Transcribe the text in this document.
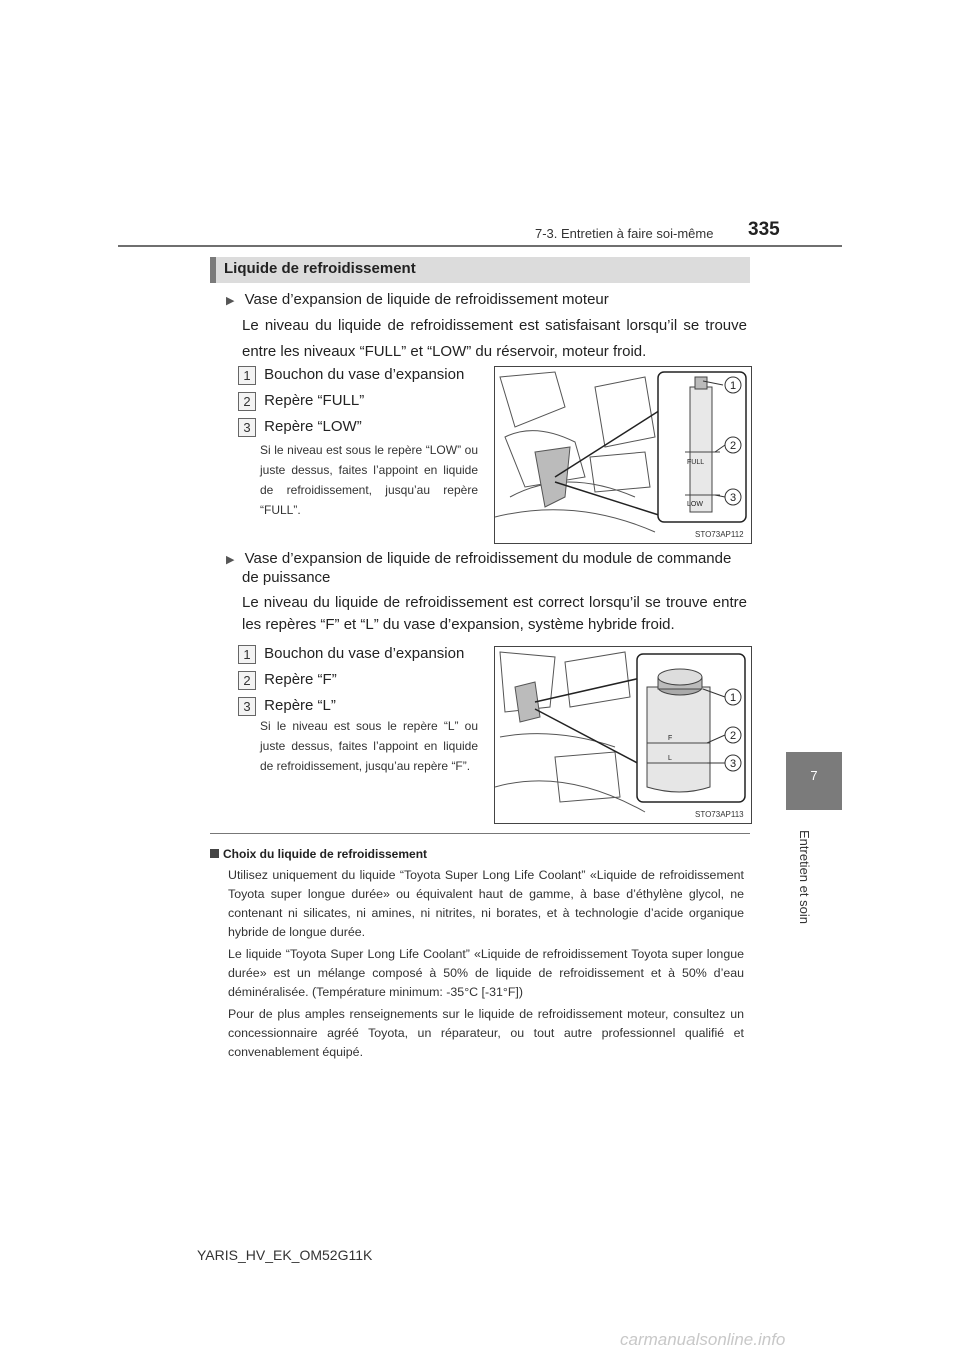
7-3. Entretien à faire soi-même 335
7
Entretien et soin
Liquide de refroidissement
▶ Vase d’expansion de liquide de refroidissement moteur
Le niveau du liquide de refroidissement est satisfaisant lorsqu’il se trouve
entre les niveaux “FULL” et “LOW” du réservoir, moteur froid.
1 Bouchon du vase d’expansion
2 Repère “FULL”
3 Repère “LOW”
Si le niveau est sous le repère “LOW” ou juste dessus, faites l’appoint en liquide de refroidissement, jusqu’au repère “FULL”.
FULL
LOW
1
2
3
STO73AP112
▶ Vase d’expansion de liquide de refroidissement du module de commande
de puissance
Le niveau du liquide de refroidissement est correct lorsqu’il se trouve entre
les repères “F” et “L” du vase d’expansion, système hybride froid.
1 Bouchon du vase d’expansion
2 Repère “F”
3 Repère “L”
Si le niveau est sous le repère “L” ou juste dessus, faites l’appoint en liquide de refroidissement, jusqu’au repère “F”.
F
L
1
2
3
STO73AP113
Choix du liquide de refroidissement
Utilisez uniquement du liquide “Toyota Super Long Life Coolant” «Liquide de refroidissement Toyota super longue durée» ou équivalent haut de gamme, à base d’éthylène glycol, ne contenant ni silicates, ni amines, ni nitrites, ni borates, et à technologie d’acide organique hybride de longue durée.
Le liquide “Toyota Super Long Life Coolant” «Liquide de refroidissement Toyota super longue durée» est un mélange composé à 50% de liquide de refroidissement et à 50% d’eau déminéralisée. (Température minimum: -35°C [-31°F])
Pour de plus amples renseignements sur le liquide de refroidissement moteur, consultez un concessionnaire agréé Toyota, un réparateur, ou tout autre professionnel qualifié et convenablement équipé.
YARIS_HV_EK_OM52G11K
carmanualsonline.info
